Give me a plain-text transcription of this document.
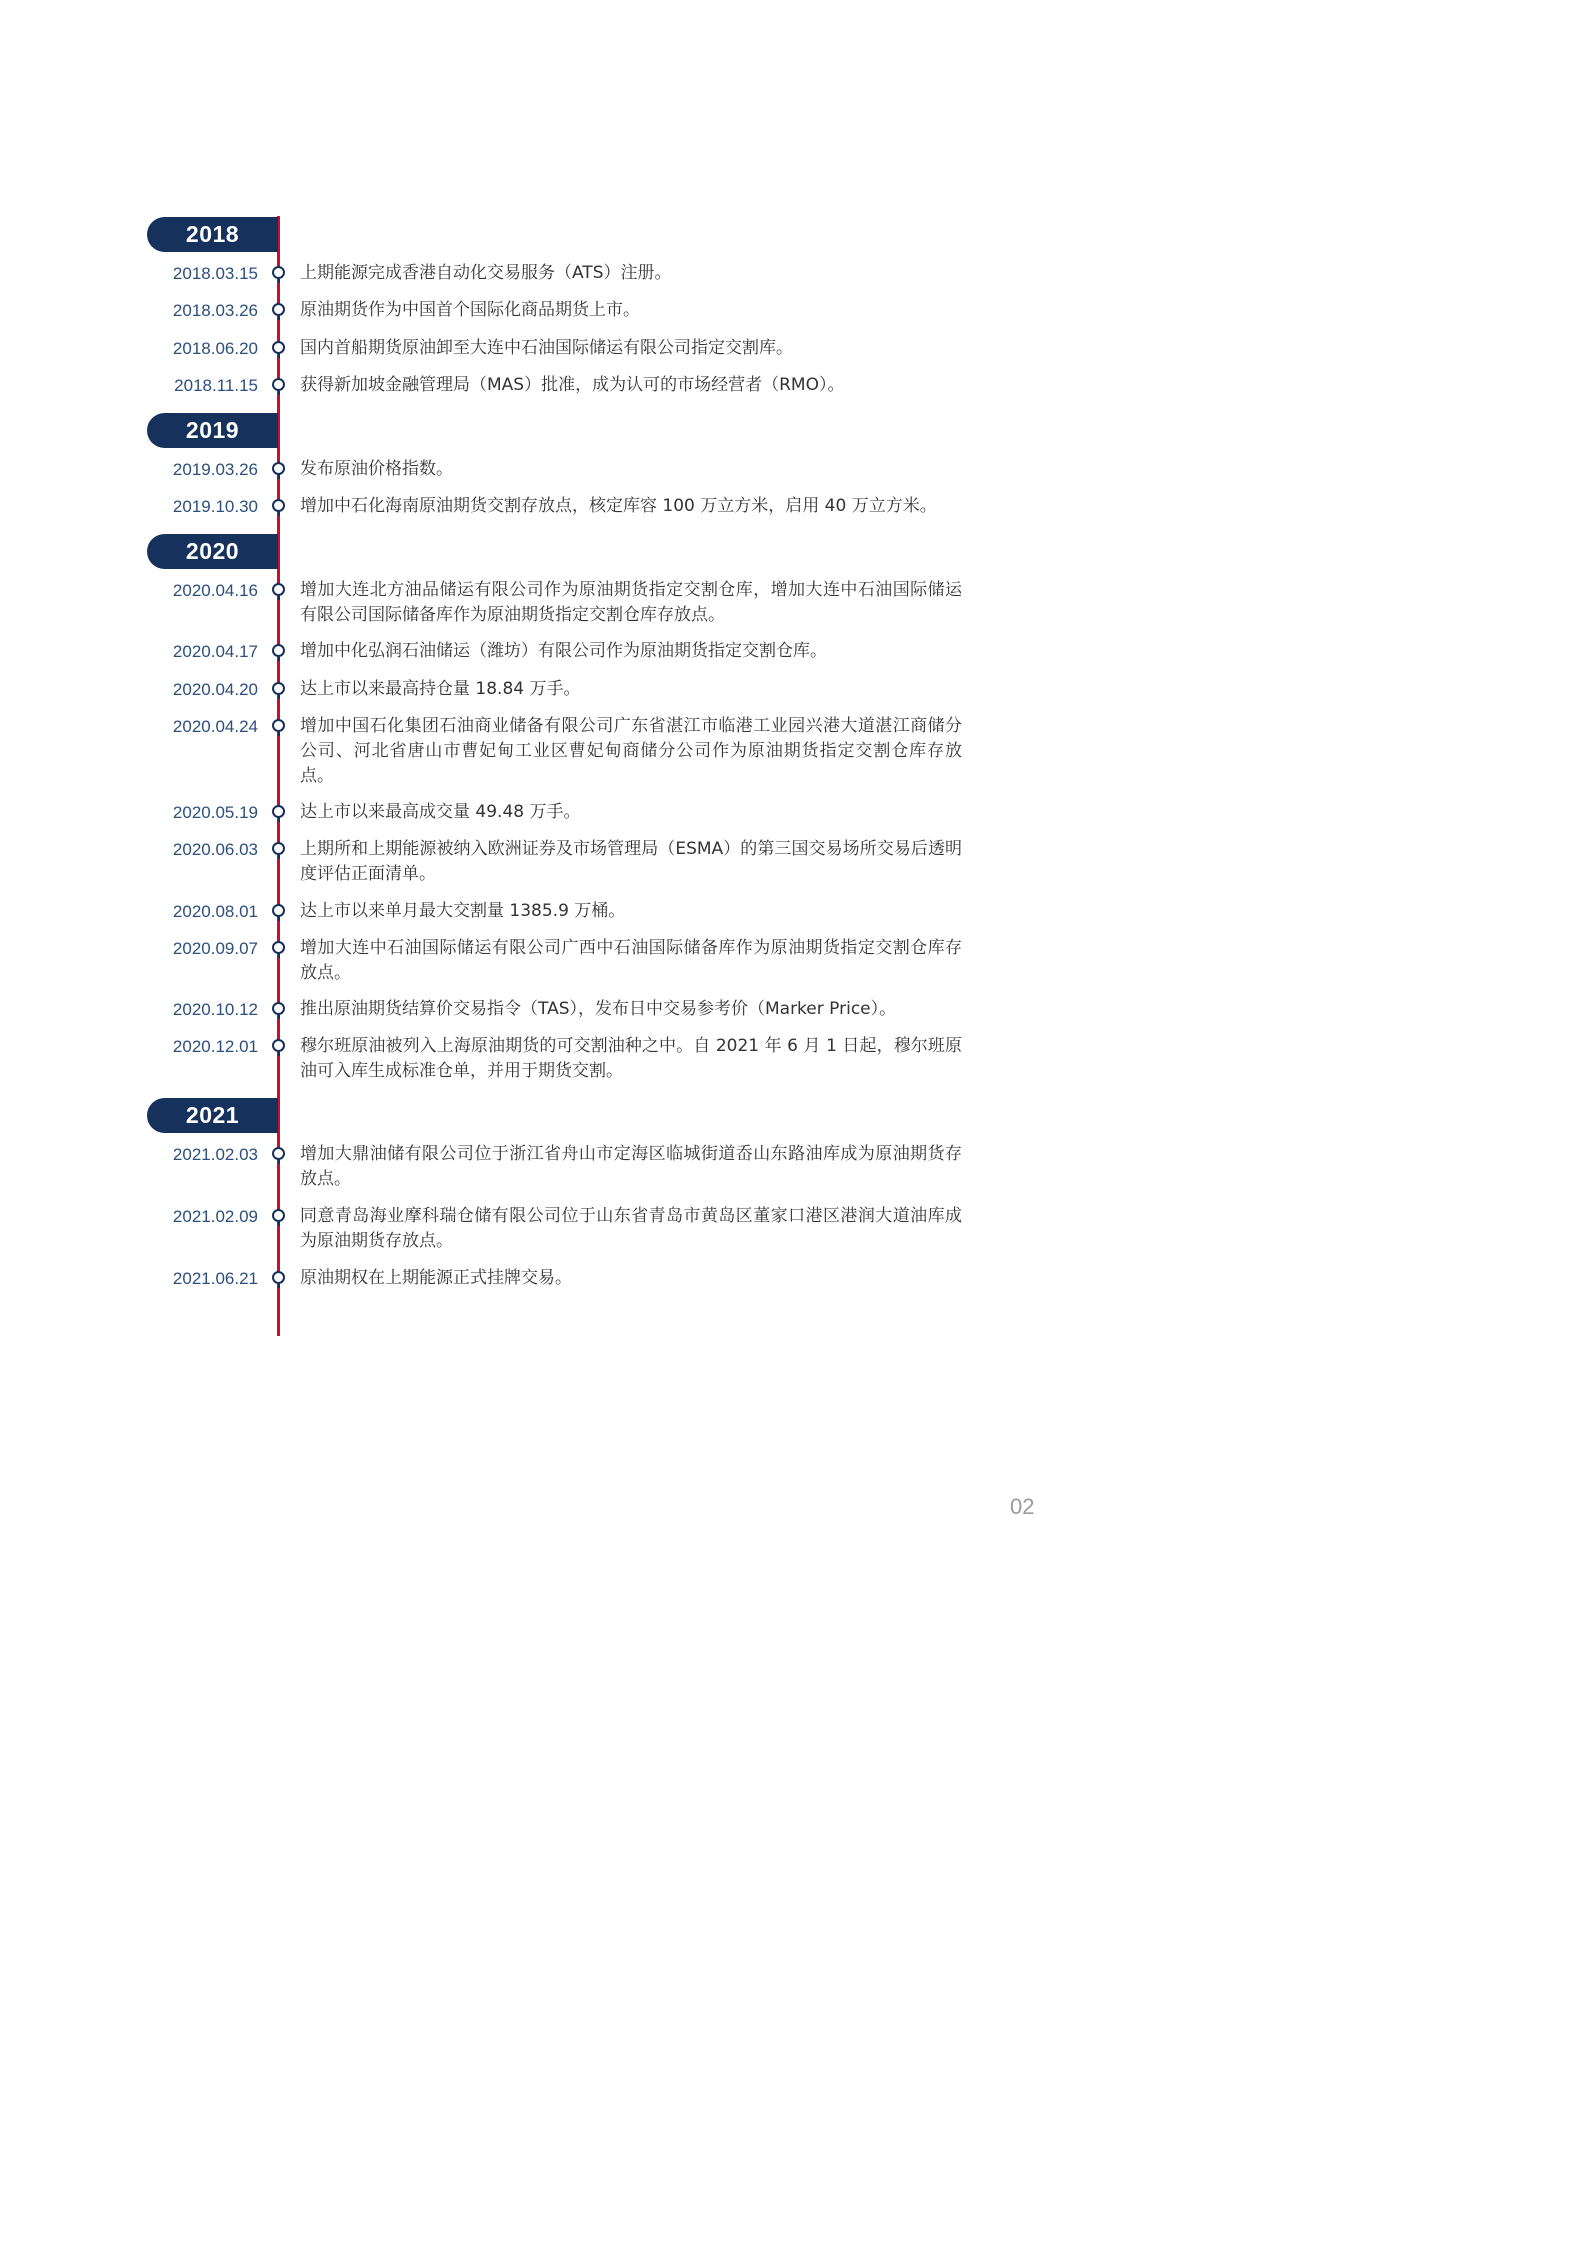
2018
2018.03.15 上期能源完成香港自动化交易服务（ATS）注册。
2018.03.26 原油期货作为中国首个国际化商品期货上市。
2018.06.20 国内首船期货原油卸至大连中石油国际储运有限公司指定交割库。
2018.11.15 获得新加坡金融管理局（MAS）批准，成为认可的市场经营者（RMO）。
2019
2019.03.26 发布原油价格指数。
2019.10.30 增加中石化海南原油期货交割存放点，核定库容 100 万立方米，启用 40 万立方米。
2020
2020.04.16 增加大连北方油品储运有限公司作为原油期货指定交割仓库，增加大连中石油国际储运有限公司国际储备库作为原油期货指定交割仓库存放点。
2020.04.17 增加中化弘润石油储运（潍坊）有限公司作为原油期货指定交割仓库。
2020.04.20 达上市以来最高持仓量 18.84 万手。
2020.04.24 增加中国石化集团石油商业储备有限公司广东省湛江市临港工业园兴港大道湛江商储分公司、河北省唐山市曹妃甸工业区曹妃甸商储分公司作为原油期货指定交割仓库存放点。
2020.05.19 达上市以来最高成交量 49.48 万手。
2020.06.03 上期所和上期能源被纳入欧洲证券及市场管理局（ESMA）的第三国交易场所交易后透明度评估正面清单。
2020.08.01 达上市以来单月最大交割量 1385.9 万桶。
2020.09.07 增加大连中石油国际储运有限公司广西中石油国际储备库作为原油期货指定交割仓库存放点。
2020.10.12 推出原油期货结算价交易指令（TAS），发布日中交易参考价（Marker Price）。
2020.12.01 穆尔班原油被列入上海原油期货的可交割油种之中。自 2021 年 6 月 1 日起，穆尔班原油可入库生成标准仓单，并用于期货交割。
2021
2021.02.03 增加大鼎油储有限公司位于浙江省舟山市定海区临城街道岙山东路油库成为原油期货存放点。
2021.02.09 同意青岛海业摩科瑞仓储有限公司位于山东省青岛市黄岛区董家口港区港润大道油库成为原油期货存放点。
2021.06.21 原油期权在上期能源正式挂牌交易。
02
